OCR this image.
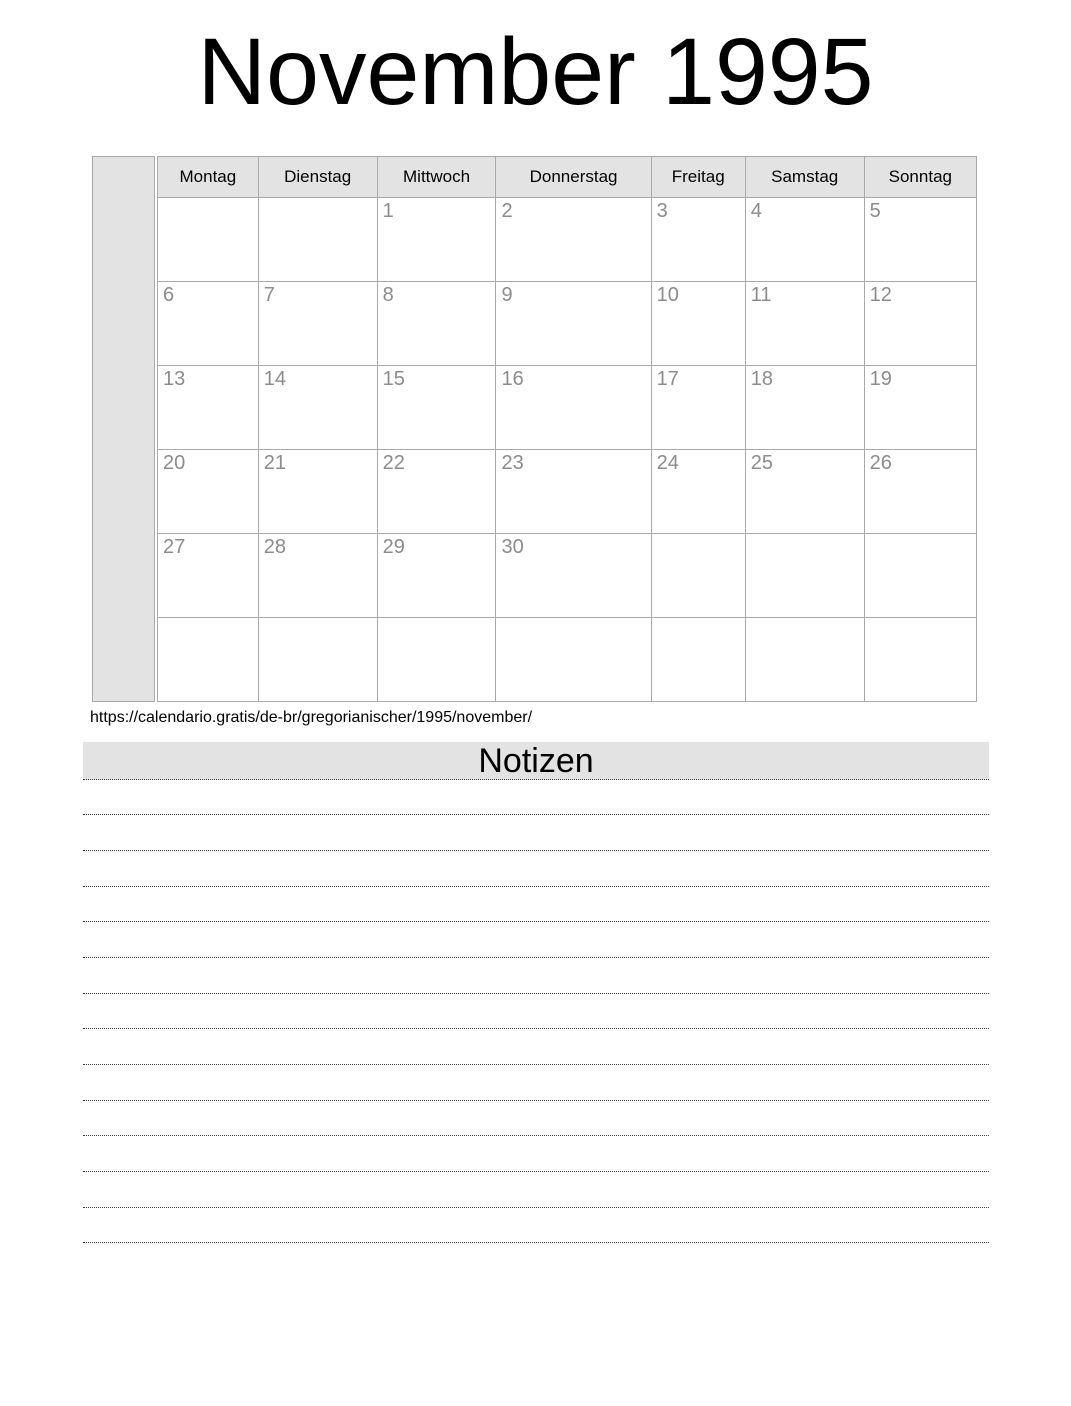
November 1995
Montag	Dienstag	Mittwoch	Donnerstag	Freitag	Samstag	Sonntag
		1	2	3	4	5
6	7	8	9	10	11	12
13	14	15	16	17	18	19
20	21	22	23	24	25	26
27	28	29	30			

https://calendario.gratis/de-br/gregorianischer/1995/november/
Notizen
